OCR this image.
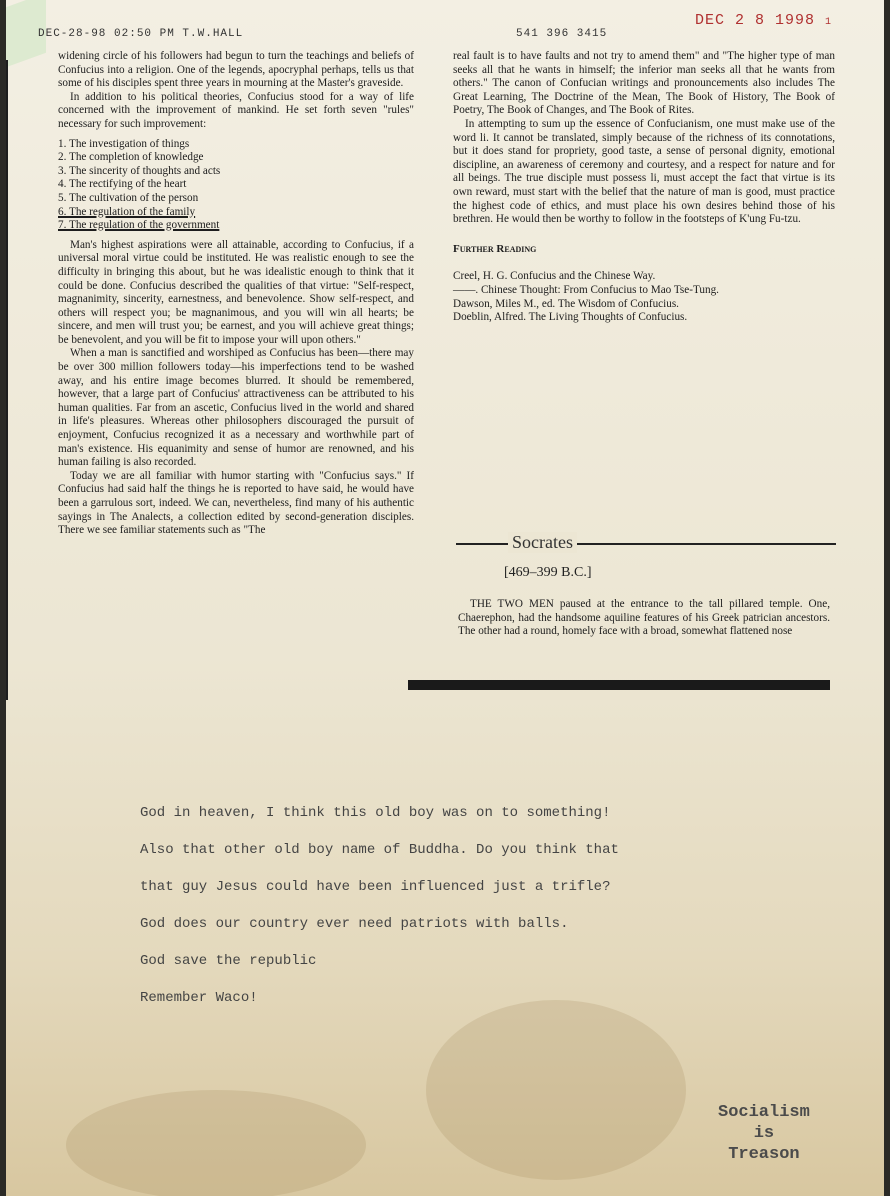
DEC-28-98 02:50 PM T.W.HALL	541 396 3415
DEC 2 8 1998 1

widening circle of his followers had begun to turn the teachings and beliefs of Confucius into a religion. One of the legends, apocryphal perhaps, tells us that some of his disciples spent three years in mourning at the Master's graveside.

In addition to his political theories, Confucius stood for a way of life concerned with the improvement of mankind. He set forth seven "rules" necessary for such improvement:

1. The investigation of things
2. The completion of knowledge
3. The sincerity of thoughts and acts
4. The rectifying of the heart
5. The cultivation of the person
6. The regulation of the family
7. The regulation of the government

Man's highest aspirations were all attainable, according to Confucius, if a universal moral virtue could be instituted. He was realistic enough to see the difficulty in bringing this about, but he was idealistic enough to think that it could be done. Confucius described the qualities of that virtue: "Self-respect, magnanimity, sincerity, earnestness, and benevolence. Show self-respect, and others will respect you; be magnanimous, and you will win all hearts; be sincere, and men will trust you; be earnest, and you will achieve great things; be benevolent, and you will be fit to impose your will upon others."

When a man is sanctified and worshiped as Confucius has been—there may be over 300 million followers today—his imperfections tend to be washed away, and his entire image becomes blurred. It should be remembered, however, that a large part of Confucius' attractiveness can be attributed to his human qualities. Far from an ascetic, Confucius lived in the world and shared in life's pleasures. Whereas other philosophers discouraged the pursuit of enjoyment, Confucius recognized it as a necessary and worthwhile part of man's existence. His equanimity and sense of humor are renowned, and his human failing is also recorded.

Today we are all familiar with humor starting with "Confucius says." If Confucius had said half the things he is reported to have said, he would have been a garrulous sort, indeed. We can, nevertheless, find many of his authentic sayings in The Analects, a collection edited by second-generation disciples. There we see familiar statements such as "The

real fault is to have faults and not try to amend them" and "The higher type of man seeks all that he wants in himself; the inferior man seeks all that he wants from others." The canon of Confucian writings and pronouncements also includes The Great Learning, The Doctrine of the Mean, The Book of History, The Book of Poetry, The Book of Changes, and The Book of Rites.

In attempting to sum up the essence of Confucianism, one must make use of the word li. It cannot be translated, simply because of the richness of its connotations, but it does stand for propriety, good taste, a sense of personal dignity, emotional discipline, an awareness of ceremony and courtesy, and a respect for nature and for all beings. The true disciple must possess li, must accept the fact that virtue is its own reward, must start with the belief that the nature of man is good, must practice the highest code of ethics, and must place his own desires behind those of his brethren. He would then be worthy to follow in the footsteps of K'ung Fu-tzu.

Further Reading
Creel, H. G. Confucius and the Chinese Way.
——. Chinese Thought: From Confucius to Mao Tse-Tung.
Dawson, Miles M., ed. The Wisdom of Confucius.
Doeblin, Alfred. The Living Thoughts of Confucius.
Socrates
[469–399 B.C.]

THE TWO MEN paused at the entrance to the tall pillared temple. One, Chaerephon, had the handsome aquiline features of his Greek patrician ancestors. The other had a round, homely face with a broad, somewhat flattened nose

God in heaven, I think this old boy was on to something!
Also that other old boy name of Buddha. Do you think that
that guy Jesus could have been influenced just a trifle?
God does our country ever need patriots with balls.
God save the republic
Remember Waco!
Socialism
is
Treason
